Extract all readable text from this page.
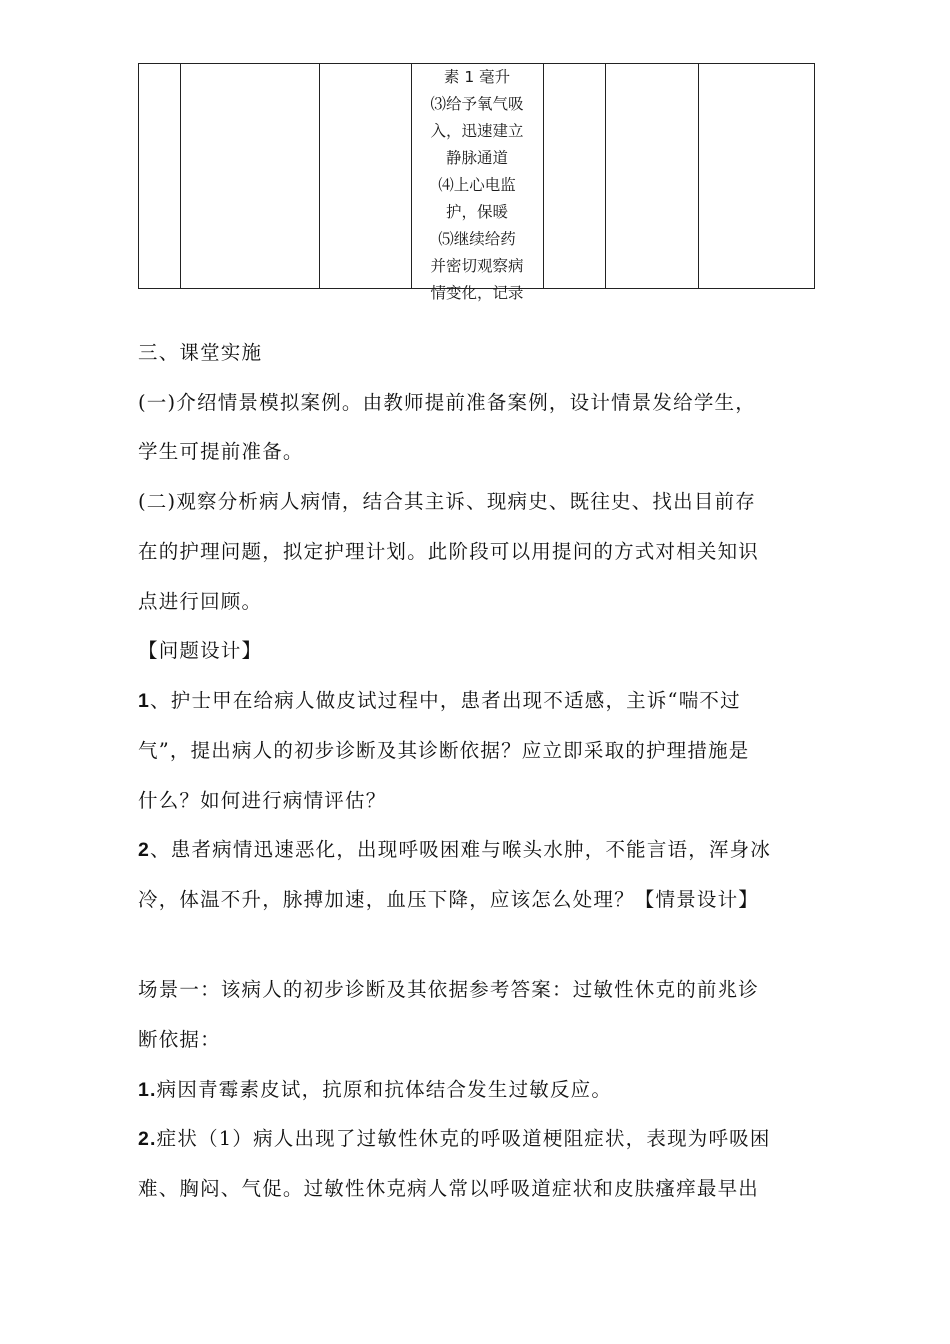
素 1 毫升
⑶给予氧气吸
入，迅速建立
静脉通道
⑷上心电监
护，保暖
⑸继续给药
并密切观察病
情变化，记录
三、课堂实施
(一)介绍情景模拟案例。由教师提前准备案例，设计情景发给学生，
学生可提前准备。
(二)观察分析病人病情，结合其主诉、现病史、既往史、找出目前存
在的护理问题，拟定护理计划。此阶段可以用提问的方式对相关知识
点进行回顾。
【问题设计】
1、护士甲在给病人做皮试过程中，患者出现不适感，主诉“喘不过
气”，提出病人的初步诊断及其诊断依据？应立即采取的护理措施是
什么？如何进行病情评估？
2、患者病情迅速恶化，出现呼吸困难与喉头水肿，不能言语，浑身冰
冷，体温不升，脉搏加速，血压下降，应该怎么处理？【情景设计】
场景一：该病人的初步诊断及其依据参考答案：过敏性休克的前兆诊
断依据：
1.病因青霉素皮试，抗原和抗体结合发生过敏反应。
2.症状（1）病人出现了过敏性休克的呼吸道梗阻症状，表现为呼吸困
难、胸闷、气促。过敏性休克病人常以呼吸道症状和皮肤瘙痒最早出
